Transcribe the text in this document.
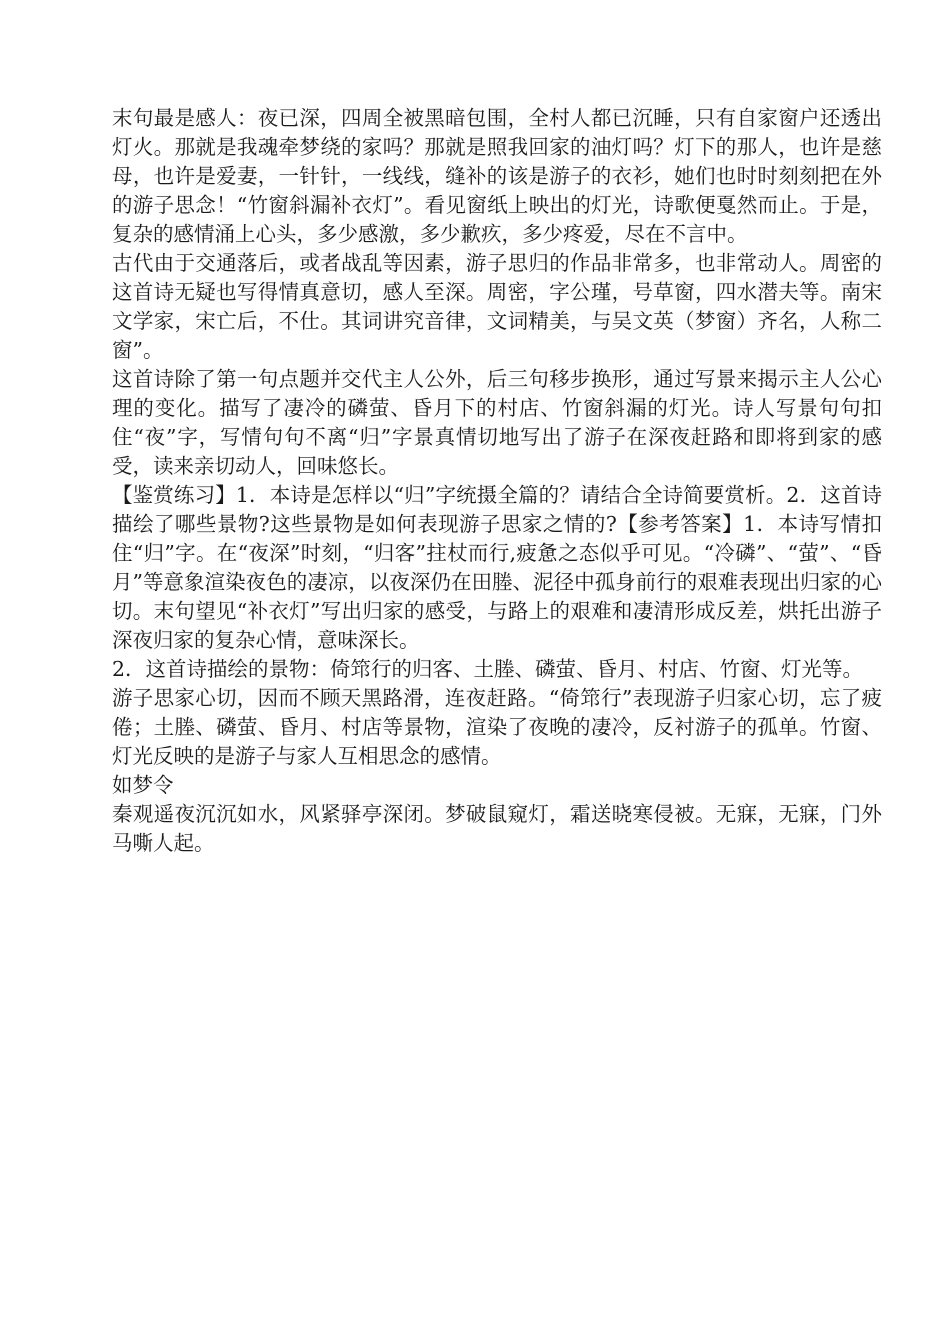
末句最是感人：夜已深，四周全被黑暗包围，全村人都已沉睡，只有自家窗户还透出灯火。那就是我魂牵梦绕的家吗？那就是照我回家的油灯吗？灯下的那人，也许是慈母，也许是爱妻，一针针，一线线，缝补的该是游子的衣衫，她们也时时刻刻把在外的游子思念！“竹窗斜漏补衣灯”。看见窗纸上映出的灯光，诗歌便戛然而止。于是，复杂的感情涌上心头，多少感激，多少歉疚，多少疼爱，尽在不言中。

古代由于交通落后，或者战乱等因素，游子思归的作品非常多，也非常动人。周密的这首诗无疑也写得情真意切，感人至深。周密，字公瑾，号草窗，四水潜夫等。南宋文学家，宋亡后，不仕。其词讲究音律，文词精美，与吴文英（梦窗）齐名，人称二窗”。

这首诗除了第一句点题并交代主人公外，后三句移步换形，通过写景来揭示主人公心理的变化。描写了凄冷的磷萤、昏月下的村店、竹窗斜漏的灯光。诗人写景句句扣住“夜”字，写情句句不离“归”字景真情切地写出了游子在深夜赶路和即将到家的感受，读来亲切动人，回味悠长。

【鉴赏练习】1．本诗是怎样以“归”字统摄全篇的？请结合全诗简要赏析。2．这首诗描绘了哪些景物?这些景物是如何表现游子思家之情的?【参考答案】1．本诗写情扣住“归”字。在“夜深”时刻，“归客”拄杖而行,疲惫之态似乎可见。“冷磷”、“萤”、“昏月”等意象渲染夜色的凄凉，以夜深仍在田塍、泥径中孤身前行的艰难表现出归家的心切。末句望见“补衣灯”写出归家的感受，与路上的艰难和凄清形成反差，烘托出游子深夜归家的复杂心情，意味深长。

2．这首诗描绘的景物：倚筇行的归客、土塍、磷萤、昏月、村店、竹窗、灯光等。

游子思家心切，因而不顾天黑路滑，连夜赶路。“倚筇行”表现游子归家心切，忘了疲倦；土塍、磷萤、昏月、村店等景物，渲染了夜晚的凄冷，反衬游子的孤单。竹窗、灯光反映的是游子与家人互相思念的感情。

如梦令

秦观遥夜沉沉如水，风紧驿亭深闭。梦破鼠窥灯，霜送晓寒侵被。无寐，无寐，门外马嘶人起。
